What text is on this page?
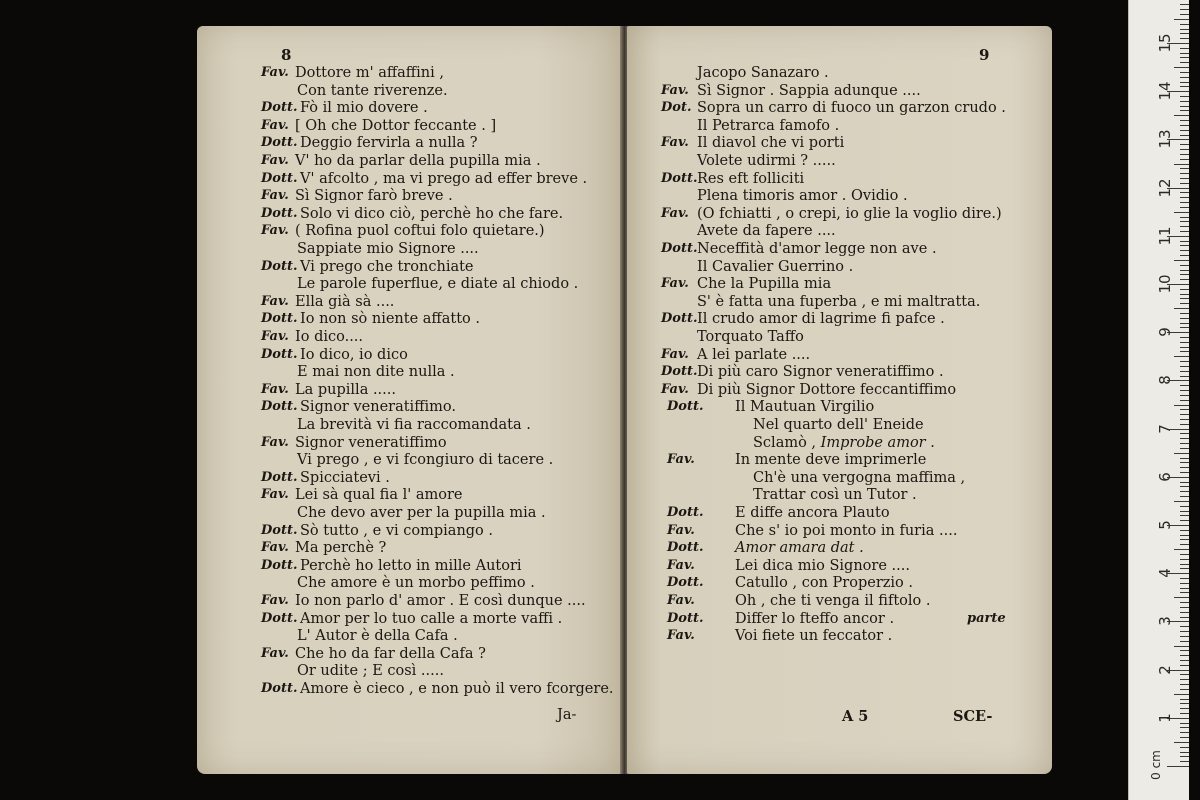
8
Fav. Dottore m' affaffini ,
Con tante riverenze.
Dott. Fò il mio dovere .
Fav. [ Oh che Dottor feccante . ]
Dott. Deggio fervirla a nulla ?
Fav. V' ho da parlar della pupilla mia .
Dott. V' afcolto , ma vi prego ad effer breve .
Fav. Sì Signor farò breve .
Dott. Solo vi dico ciò, perchè ho che fare.
Fav. ( Rofina puol coftui folo quietare.)
Sappiate mio Signore ....
Dott. Vi prego che tronchiate
Le parole fuperflue, e diate al chiodo .
Fav. Ella già sà ....
Dott. Io non sò niente affatto .
Fav. Io dico....
Dott. Io dico, io dico
E mai non dite nulla .
Fav. La pupilla .....
Dott. Signor veneratiffimo.
La brevità vi fia raccomandata .
Fav. Signor veneratiffimo
Vi prego , e vi fcongiuro di tacere .
Dott. Spicciatevi .
Fav. Lei sà qual fia l' amore
Che devo aver per la pupilla mia .
Dott. Sò tutto , e vi compiango .
Fav. Ma perchè ?
Dott. Perchè ho letto in mille Autori
Che amore è un morbo peffimo .
Fav. Io non parlo d' amor . E così dunque ....
Dott. Amor per lo tuo calle a morte vaffi .
L' Autor è della Cafa .
Fav. Che ho da far della Cafa ?
Or udite ; E così .....
Dott. Amore è cieco , e non può il vero fcorgere.
Ja-
9
Jacopo Sanazaro .
Fav. Sì Signor . Sappia adunque ....
Dot. Sopra un carro di fuoco un garzon crudo .
Il Petrarca famofo .
Fav. Il diavol che vi porti
Volete udirmi ? .....
Dott. Res eft folliciti
Plena timoris amor . Ovidio .
Fav. (O fchiatti , o crepi, io glie la voglio dire.)
Avete da fapere ....
Dott. Neceffità d'amor legge non ave .
Il Cavalier Guerrino .
Fav. Che la Pupilla mia
S' è fatta una fuperba , e mi maltratta.
Dott. Il crudo amor di lagrime fi pafce .
Torquato Taffo
Fav. A lei parlate ....
Dott. Di più caro Signor veneratiffimo .
Fav. Di più Signor Dottore feccantiffimo
Dott. Il Mautuan Virgilio
Nel quarto dell' Eneide
Sclamò , Improbe amor .
Fav.	In mente deve imprimerle
Ch'è una vergogna maffima ,
Trattar così un Tutor .
Dott. E diffe ancora Plauto
Fav.	Che s' io poi monto in furia ....
Dott. Amor amara dat .
Fav.	Lei dica mio Signore ....
Dott. Catullo , con Properzio .
Fav.	Oh , che ti venga il fiftolo .
Dott. Differ lo fteffo ancor .	parte
Fav.	Voi fiete un feccator .
A 5	SCE-
0 cm
1
2
3
4
5
6
7
8
9
10
11
12
13
14
15
